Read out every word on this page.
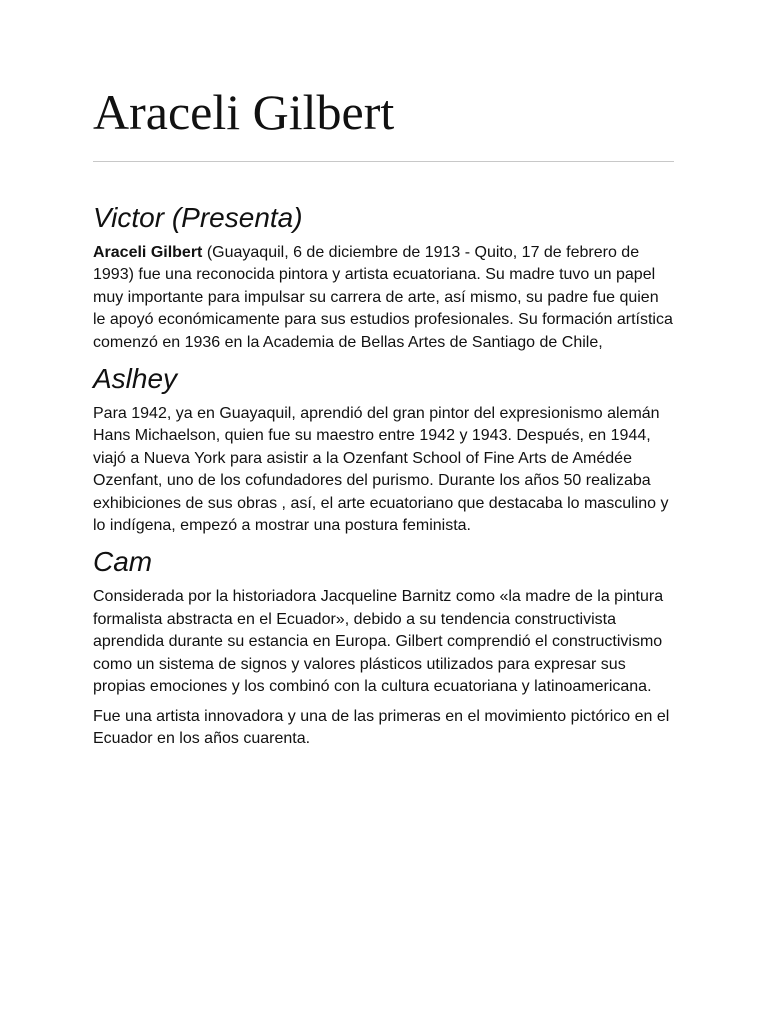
Araceli Gilbert
Victor (Presenta)

Araceli Gilbert (Guayaquil, 6 de diciembre de 1913 - Quito, 17 de febrero de 1993) fue una reconocida pintora y artista ecuatoriana. Su madre tuvo un papel muy importante para impulsar su carrera de arte, así mismo, su padre fue quien le apoyó económicamente para sus estudios profesionales. Su formación artística comenzó en 1936 en la Academia de Bellas Artes de Santiago de Chile,

Aslhey

Para 1942, ya en Guayaquil, aprendió del gran pintor del expresionismo alemán Hans Michaelson, quien fue su maestro entre 1942 y 1943. Después, en 1944, viajó a Nueva York para asistir a la Ozenfant School of Fine Arts de Amédée Ozenfant, uno de los cofundadores del purismo. Durante los años 50 realizaba exhibiciones de sus obras , así, el arte ecuatoriano que destacaba lo masculino y lo indígena, empezó a mostrar una postura feminista.

Cam

Considerada por la historiadora Jacqueline Barnitz como «la madre de la pintura formalista abstracta en el Ecuador», debido a su tendencia constructivista aprendida durante su estancia en Europa. Gilbert comprendió el constructivismo como un sistema de signos y valores plásticos utilizados para expresar sus propias emociones y los combinó con la cultura ecuatoriana y latinoamericana.

Fue una artista innovadora y una de las primeras en el movimiento pictórico en el Ecuador en los años cuarenta.
